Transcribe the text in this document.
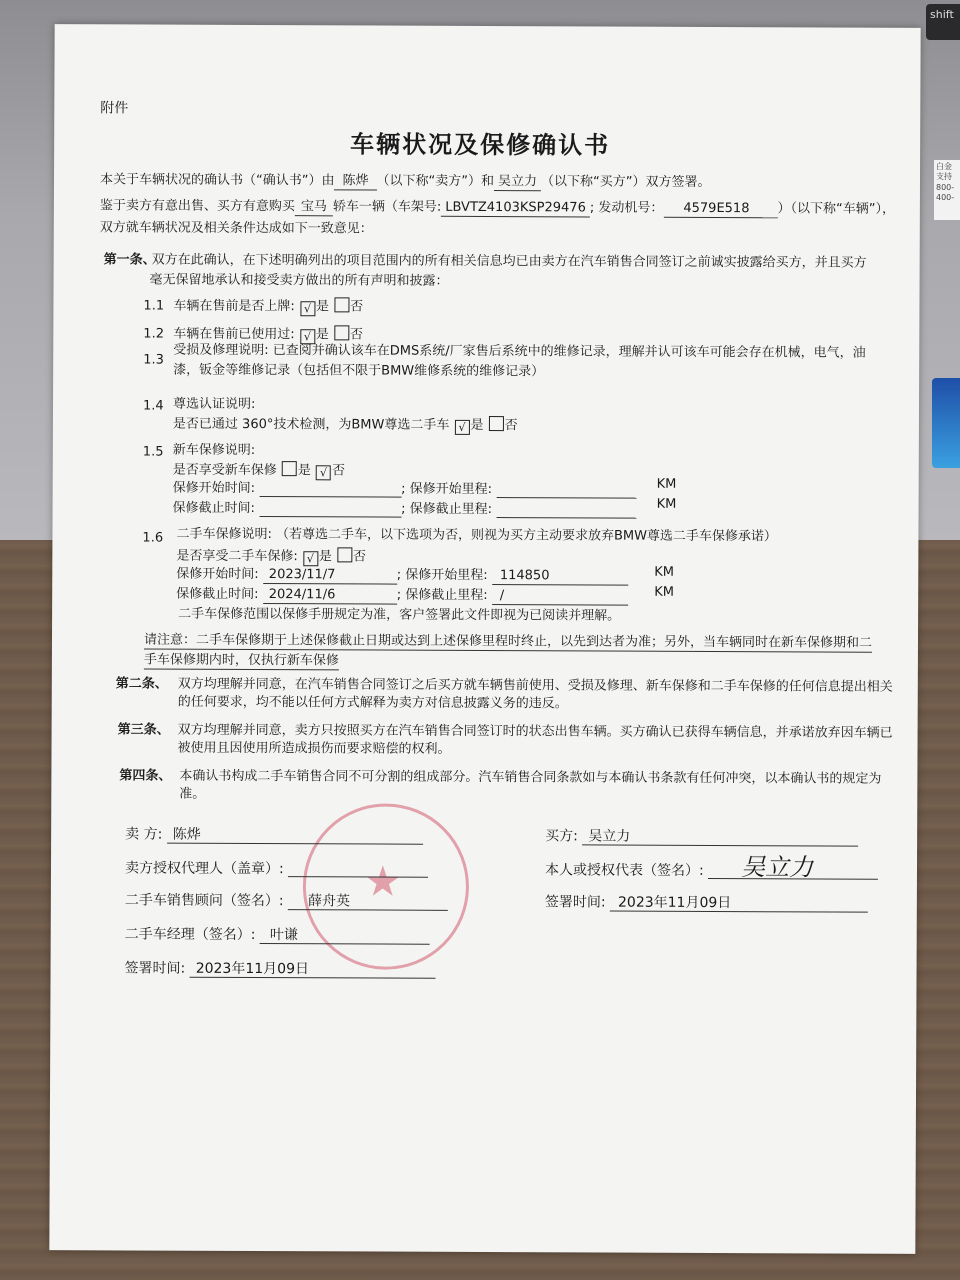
shift
白金支持 800- 400-
附件
车辆状况及保修确认书
本关于车辆状况的确认书（“确认书”）由 陈烨 （以下称“卖方”）和 吴立力 （以下称“买方”）双方签署。
鉴于卖方有意出售、买方有意购买 宝马 轿车一辆（车架号: LBVTZ4103KSP29476 ; 发动机号： 4579E518 ）（以下称“车辆”），
双方就车辆状况及相关条件达成如下一致意见：
第一条、
双方在此确认，在下述明确列出的项目范围内的所有相关信息均已由卖方在汽车销售合同签订之前诚实披露给买方，并且买方
毫无保留地承认和接受卖方做出的所有声明和披露：
1.1 车辆在售前是否上牌: √ 是 否
1.2 车辆在售前已使用过: √ 是 否
1.3 受损及修理说明: 已查阅并确认该车在DMS系统/厂家售后系统中的维修记录，理解并认可该车可能会存在机械，电气，油
漆，钣金等维修记录（包括但不限于BMW维修系统的维修记录）
1.4 尊选认证说明:
是否已通过 360°技术检测，为BMW尊选二手车 √ 是 否
1.5 新车保修说明:
是否享受新车保修 是 √ 否
保修开始时间:	; 保修开始里程:	KM
保修截止时间:	; 保修截止里程:	KM
1.6 二手车保修说明: （若尊选二手车，以下选项为否，则视为买方主动要求放弃BMW尊选二手车保修承诺）
是否享受二手车保修: √ 是 否
保修开始时间: 2023/11/7	; 保修开始里程: 114850	KM
保修截止时间: 2024/11/6	; 保修截止里程: /	KM
二手车保修范围以保修手册规定为准，客户签署此文件即视为已阅读并理解。
请注意：二手车保修期于上述保修截止日期或达到上述保修里程时终止，以先到达者为准；另外，当车辆同时在新车保修期和二
手车保修期内时，仅执行新车保修
第二条、 双方均理解并同意，在汽车销售合同签订之后买方就车辆售前使用、受损及修理、新车保修和二手车保修的任何信息提出相关
的任何要求，均不能以任何方式解释为卖方对信息披露义务的违反。
第三条、 双方均理解并同意，卖方只按照买方在汽车销售合同签订时的状态出售车辆。买方确认已获得车辆信息，并承诺放弃因车辆已
被使用且因使用所造成损伤而要求赔偿的权利。
第四条、 本确认书构成二手车销售合同不可分割的组成部分。汽车销售合同条款如与本确认书条款有任何冲突，以本确认书的规定为
准。
★
卖 方: 陈烨
卖方授权代理人（盖章）:
二手车销售顾问（签名）: 薛舟英
二手车经理（签名）: 叶谦
签署时间: 2023年11月09日
买方: 吴立力
本人或授权代表（签名）:	吴立力
签署时间: 2023年11月09日
